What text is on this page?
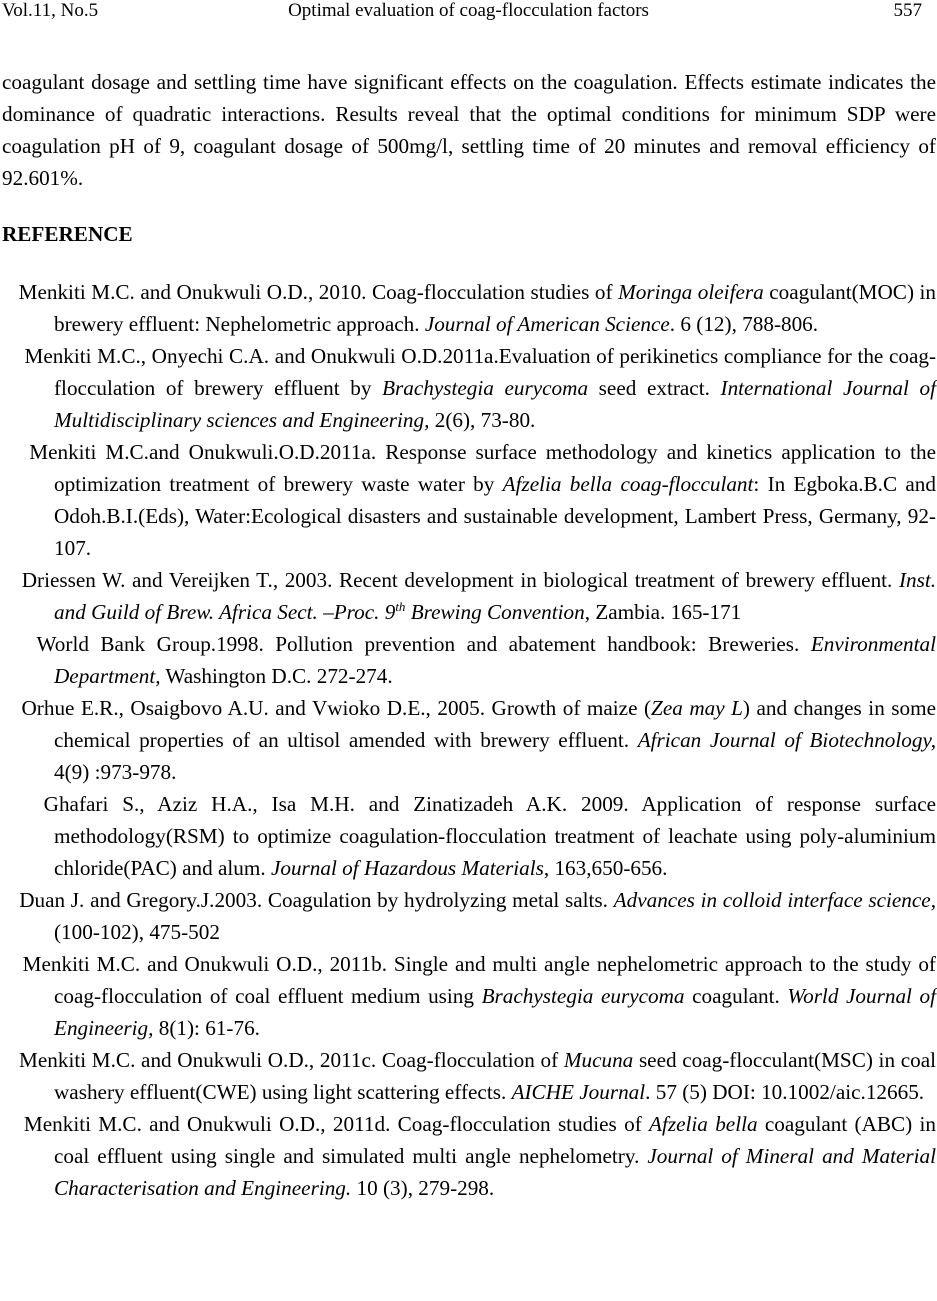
Vol.11, No.5	Optimal evaluation of coag-flocculation factors	557

coagulant dosage and settling time have significant effects on the coagulation. Effects estimate indicates the dominance of quadratic interactions. Results reveal that the optimal conditions for minimum SDP were coagulation pH of 9, coagulant dosage of 500mg/l, settling time of 20 minutes and removal efficiency of 92.601%.

REFERENCE
Menkiti M.C. and Onukwuli O.D., 2010. Coag-flocculation studies of Moringa oleifera coagulant(MOC) in brewery effluent: Nephelometric approach. Journal of American Science. 6 (12), 788-806.
Menkiti M.C., Onyechi C.A. and Onukwuli O.D.2011a.Evaluation of perikinetics compliance for the coag-flocculation of brewery effluent by Brachystegia eurycoma seed extract. International Journal of Multidisciplinary sciences and Engineering, 2(6), 73-80.
Menkiti M.C.and Onukwuli.O.D.2011a. Response surface methodology and kinetics application to the optimization treatment of brewery waste water by Afzelia bella coag-flocculant: In Egboka.B.C and Odoh.B.I.(Eds), Water:Ecological disasters and sustainable development, Lambert Press, Germany, 92-107.
Driessen W. and Vereijken T., 2003. Recent development in biological treatment of brewery effluent. Inst. and Guild of Brew. Africa Sect. –Proc. 9th Brewing Convention, Zambia. 165-171
World Bank Group.1998. Pollution prevention and abatement handbook: Breweries. Environmental Department, Washington D.C. 272-274.
Orhue E.R., Osaigbovo A.U. and Vwioko D.E., 2005. Growth of maize (Zea may L) and changes in some chemical properties of an ultisol amended with brewery effluent. African Journal of Biotechnology, 4(9) :973-978.
Ghafari S., Aziz H.A., Isa M.H. and Zinatizadeh A.K. 2009. Application of response surface methodology(RSM) to optimize coagulation-flocculation treatment of leachate using poly-aluminium chloride(PAC) and alum. Journal of Hazardous Materials, 163,650-656.
Duan J. and Gregory.J.2003. Coagulation by hydrolyzing metal salts. Advances in colloid interface science,(100-102), 475-502
Menkiti M.C. and Onukwuli O.D., 2011b. Single and multi angle nephelometric approach to the study of coag-flocculation of coal effluent medium using Brachystegia eurycoma coagulant. World Journal of Engineerig, 8(1): 61-76.
Menkiti M.C. and Onukwuli O.D., 2011c. Coag-flocculation of Mucuna seed coag-flocculant(MSC) in coal washery effluent(CWE) using light scattering effects. AICHE Journal. 57 (5) DOI: 10.1002/aic.12665.
Menkiti M.C. and Onukwuli O.D., 2011d. Coag-flocculation studies of Afzelia bella coagulant (ABC) in coal effluent using single and simulated multi angle nephelometry. Journal of Mineral and Material Characterisation and Engineering. 10 (3), 279-298.
